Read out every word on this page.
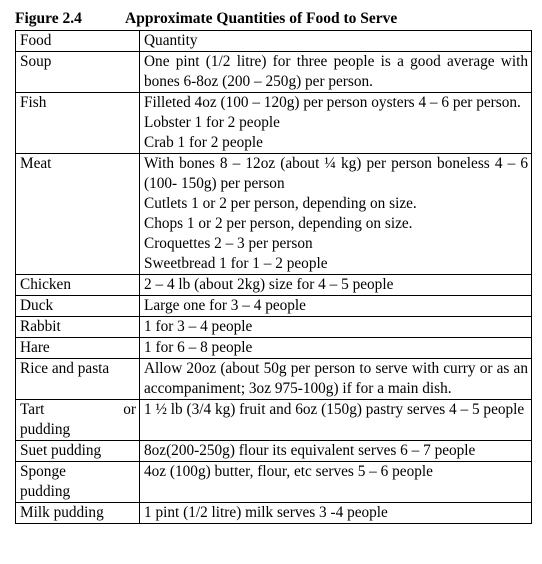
Figure 2.4	Approximate Quantities of Food to Serve
Food	Quantity

Soup	One pint (1/2 litre) for three people is a good average with bones 6-8oz (200 – 250g) per person.

Fish	Filleted 4oz (100 – 120g) per person oysters 4 – 6 per person.
Lobster 1 for 2 people
Crab 1 for 2 people

Meat	With bones 8 – 12oz (about ¼ kg) per person boneless 4 – 6 (100- 150g) per person
Cutlets 1 or 2 per person, depending on size.
Chops 1 or 2 per person, depending on size.
Croquettes 2 – 3 per person
Sweetbread 1 for 1 – 2 people

Chicken	2 – 4 lb (about 2kg) size for 4 – 5 people

Duck	Large one for 3 – 4 people

Rabbit	1 for 3 – 4 people

Hare	1 for 6 – 8 people

Rice and pasta	Allow 20oz (about 50g per person to serve with curry or as an accompaniment; 3oz 975-100g) if for a main dish.

Tart or
pudding	1 ½ lb (3/4 kg) fruit and 6oz (150g) pastry serves 4 – 5 people

Suet pudding	8oz(200-250g) flour its equivalent serves 6 – 7 people

Sponge
pudding	4oz (100g) butter, flour, etc serves 5 – 6 people

Milk pudding	1 pint (1/2 litre) milk serves 3 -4 people
